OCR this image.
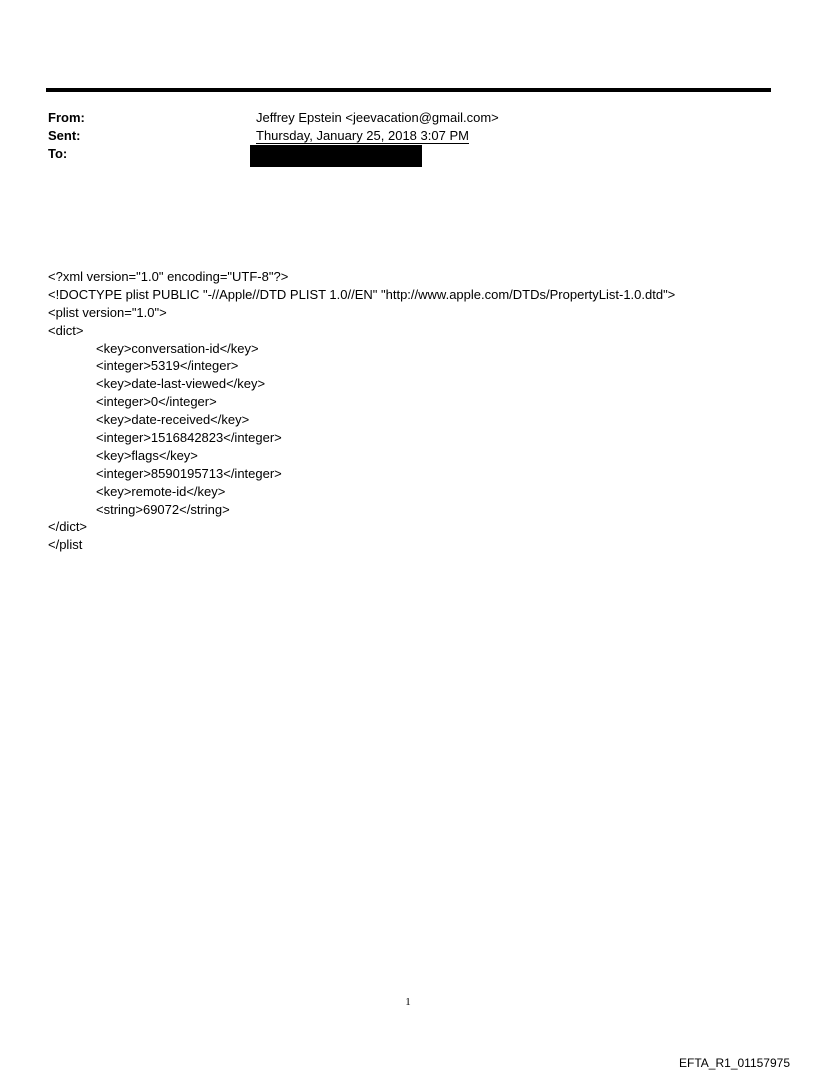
From:	Jeffrey Epstein <jeevacation@gmail.com>
Sent:	Thursday, January 25, 2018 3:07 PM
To:
<?xml version="1.0" encoding="UTF-8"?>
<!DOCTYPE plist PUBLIC "-//Apple//DTD PLIST 1.0//EN" "http://www.apple.com/DTDs/PropertyList-1.0.dtd">
<plist version="1.0">
<dict>
<key>conversation-id</key>
<integer>5319</integer>
<key>date-last-viewed</key>
<integer>0</integer>
<key>date-received</key>
<integer>1516842823</integer>
<key>flags</key>
<integer>8590195713</integer>
<key>remote-id</key>
<string>69072</string>
</dict>
</plist
1
EFTA_R1_01157975
